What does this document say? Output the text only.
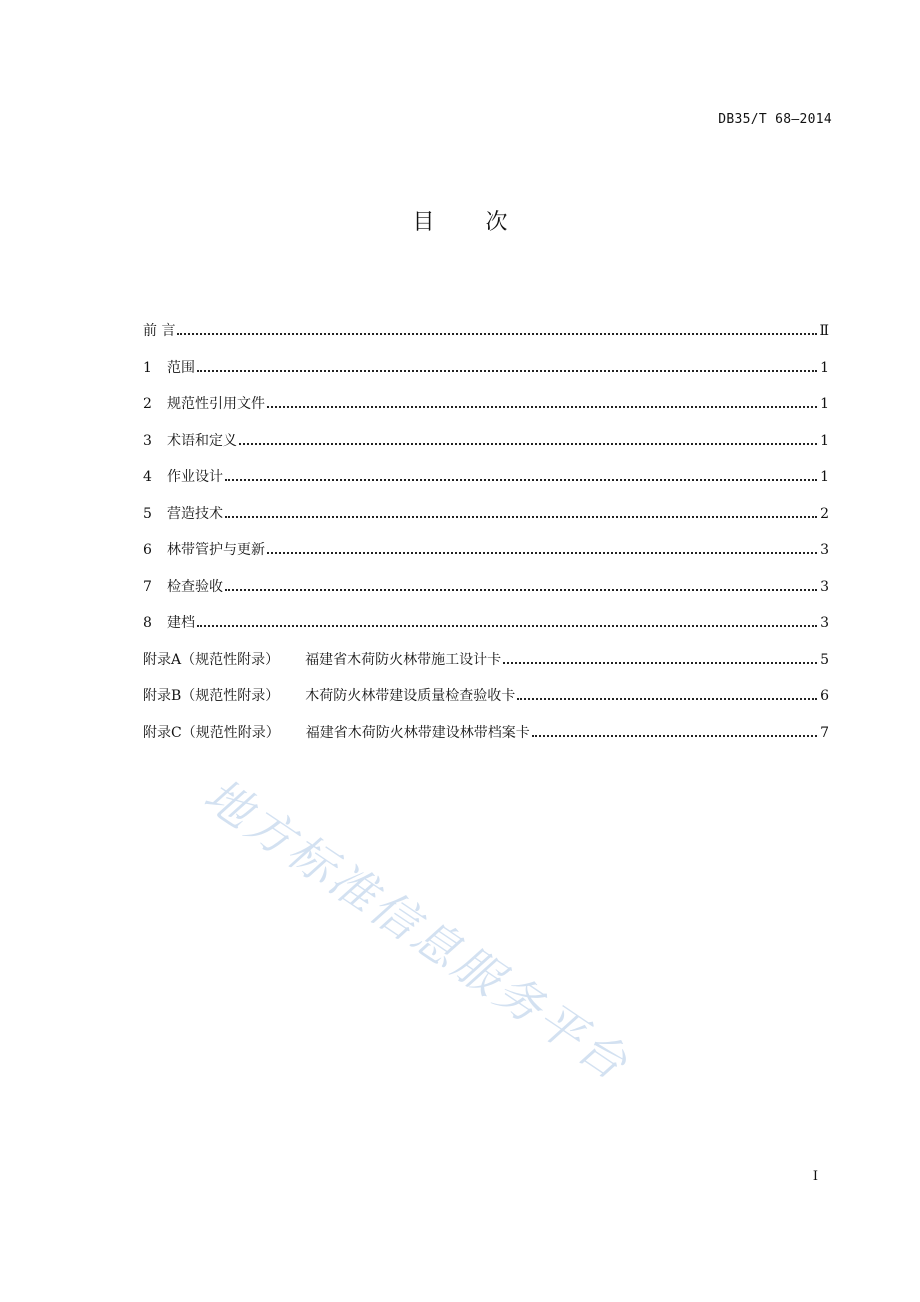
DB35/T 68—2014
目 次
前 言	Ⅱ
1	范围	1
2	规范性引用文件	1
3	术语和定义	1
4	作业设计	1
5	营造技术	2
6	林带管护与更新	3
7	检查验收	3
8	建档	3
附录A（规范性附录） 福建省木荷防火林带施工设计卡	5
附录B（规范性附录） 木荷防火林带建设质量检查验收卡	6
附录C（规范性附录） 福建省木荷防火林带建设林带档案卡	7
地方标准信息服务平台
I
